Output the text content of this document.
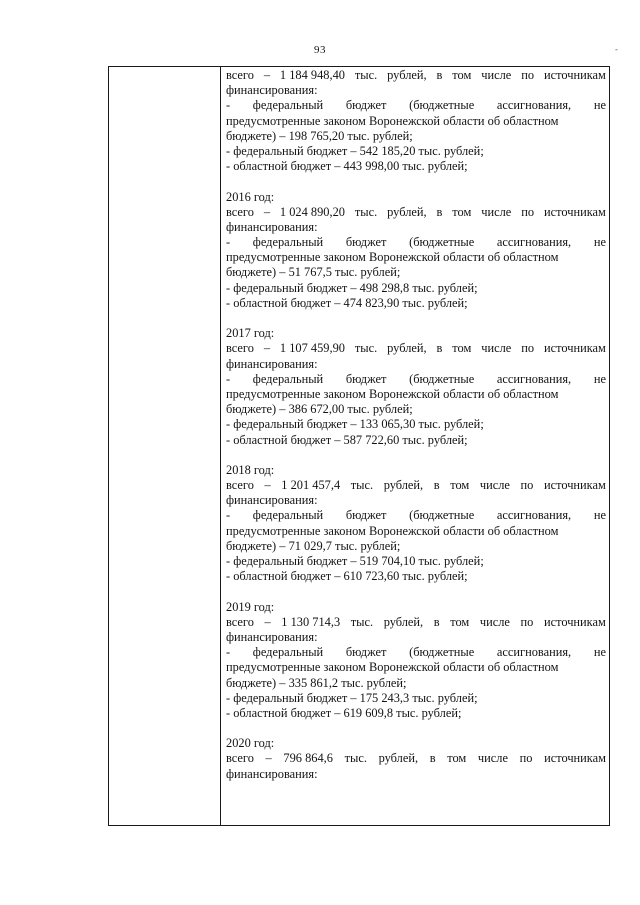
93	-
всего – 1 184 948,40 тыс. рублей, в том числе по источникам
финансирования:
- федеральный бюджет (бюджетные ассигнования, не
предусмотренные законом Воронежской области об областном
бюджете) – 198 765,20 тыс. рублей;
- федеральный бюджет – 542 185,20 тыс. рублей;
- областной бюджет – 443 998,00 тыс. рублей;
2016 год:
всего – 1 024 890,20 тыс. рублей, в том числе по источникам
финансирования:
- федеральный бюджет (бюджетные ассигнования, не
предусмотренные законом Воронежской области об областном
бюджете) – 51 767,5 тыс. рублей;
- федеральный бюджет – 498 298,8 тыс. рублей;
- областной бюджет – 474 823,90 тыс. рублей;
2017 год:
всего – 1 107 459,90 тыс. рублей, в том числе по источникам
финансирования:
- федеральный бюджет (бюджетные ассигнования, не
предусмотренные законом Воронежской области об областном
бюджете) – 386 672,00 тыс. рублей;
- федеральный бюджет – 133 065,30 тыс. рублей;
- областной бюджет – 587 722,60 тыс. рублей;
2018 год:
всего – 1 201 457,4 тыс. рублей, в том числе по источникам
финансирования:
- федеральный бюджет (бюджетные ассигнования, не
предусмотренные законом Воронежской области об областном
бюджете) – 71 029,7 тыс. рублей;
- федеральный бюджет – 519 704,10 тыс. рублей;
- областной бюджет – 610 723,60 тыс. рублей;
2019 год:
всего – 1 130 714,3 тыс. рублей, в том числе по источникам
финансирования:
- федеральный бюджет (бюджетные ассигнования, не
предусмотренные законом Воронежской области об областном
бюджете) – 335 861,2 тыс. рублей;
- федеральный бюджет – 175 243,3 тыс. рублей;
- областной бюджет – 619 609,8 тыс. рублей;
2020 год:
всего – 796 864,6 тыс. рублей, в том числе по источникам
финансирования:
